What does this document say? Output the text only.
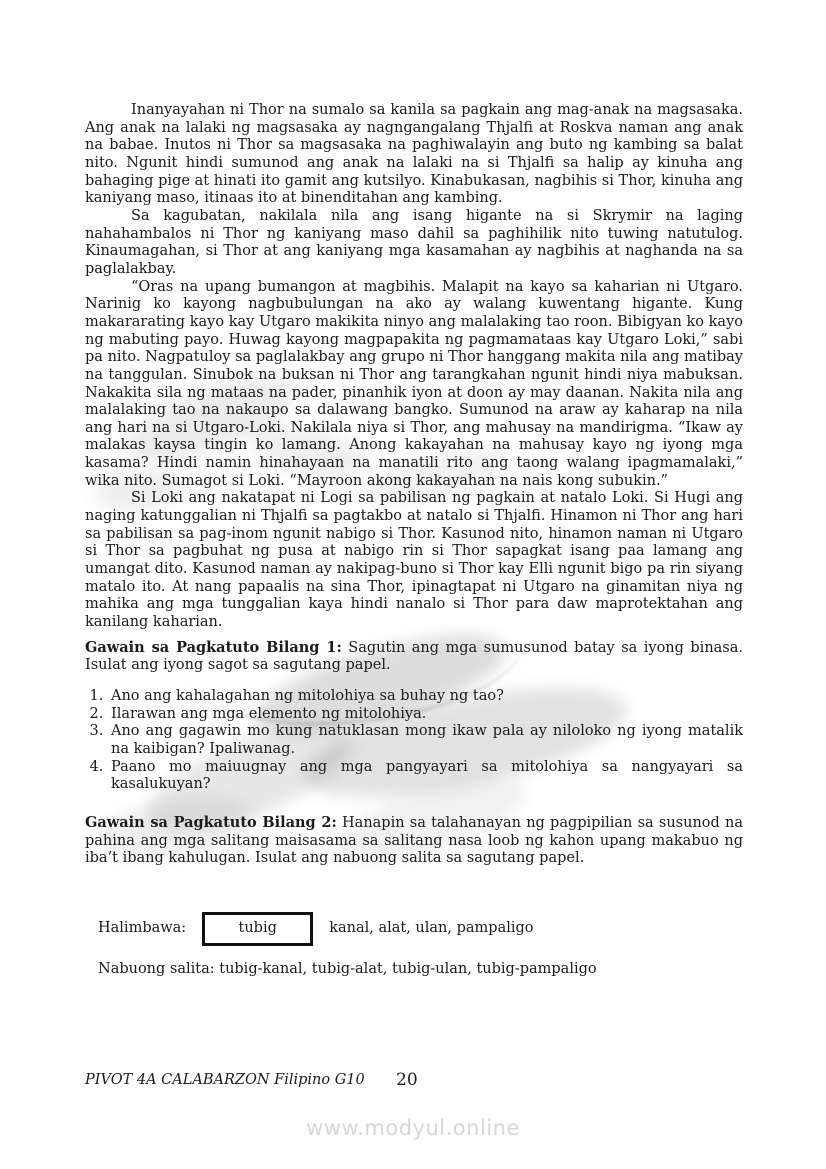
Inanyayahan ni Thor na sumalo sa kanila sa pagkain ang mag-anak na magsasaka. Ang anak na lalaki ng magsasaka ay nagngangalang Thjalfi at Roskva naman ang anak na babae. Inutos ni Thor sa magsasaka na paghiwalayin ang buto ng kambing sa balat nito. Ngunit hindi sumunod ang anak na lalaki na si Thjalfi sa halip ay kinuha ang bahaging pige at hinati ito gamit ang kutsilyo. Kinabukasan, nagbihis si Thor, kinuha ang kaniyang maso, itinaas ito at binenditahan ang kambing.

Sa kagubatan, nakilala nila ang isang higante na si Skrymir na laging nahahambalos ni Thor ng kaniyang maso dahil sa paghihilik nito tuwing natutulog. Kinaumagahan, si Thor at ang kaniyang mga kasamahan ay nagbihis at naghanda na sa paglalakbay.

“Oras na upang bumangon at magbihis. Malapit na kayo sa kaharian ni Utgaro. Narinig ko kayong nagbubulungan na ako ay walang kuwentang higante. Kung makararating kayo kay Utgaro makikita ninyo ang malalaking tao roon. Bibigyan ko kayo ng mabuting payo. Huwag kayong magpapakita ng pagmamataas kay Utgaro Loki,” sabi pa nito. Nagpatuloy sa paglalakbay ang grupo ni Thor hanggang makita nila ang matibay na tanggulan. Sinubok na buksan ni Thor ang tarangkahan ngunit hindi niya mabuksan. Nakakita sila ng mataas na pader, pinanhik iyon at doon ay may daanan. Nakita nila ang malalaking tao na nakaupo sa dalawang bangko. Sumunod na araw ay kaharap na nila ang hari na si Utgaro-Loki. Nakilala niya si Thor, ang mahusay na mandirigma. “Ikaw ay malakas kaysa tingin ko lamang. Anong kakayahan na mahusay kayo ng iyong mga kasama? Hindi namin hinahayaan na manatili rito ang taong walang ipagmamalaki,” wika nito. Sumagot si Loki. “Mayroon akong kakayahan na nais kong subukin.”

Si Loki ang nakatapat ni Logi sa pabilisan ng pagkain at natalo Loki. Si Hugi ang naging katunggalian ni Thjalfi sa pagtakbo at natalo si Thjalfi. Hinamon ni Thor ang hari sa pabilisan sa pag-inom ngunit nabigo si Thor. Kasunod nito, hinamon naman ni Utgaro si Thor sa pagbuhat ng pusa at nabigo rin si Thor sapagkat isang paa lamang ang umangat dito. Kasunod naman ay nakipag-buno si Thor kay Elli ngunit bigo pa rin siyang matalo ito. At nang papaalis na sina Thor, ipinagtapat ni Utgaro na ginamitan niya ng mahika ang mga tunggalian kaya hindi nanalo si Thor para daw maprotektahan ang kanilang kaharian.

Gawain sa Pagkatuto Bilang 1: Sagutin ang mga sumusunod batay sa iyong binasa. Isulat ang iyong sagot sa sagutang papel.

1. Ano ang kahalagahan ng mitolohiya sa buhay ng tao?
2. Ilarawan ang mga elemento ng mitolohiya.
3. Ano ang gagawin mo kung natuklasan mong ikaw pala ay niloloko ng iyong matalik na kaibigan? Ipaliwanag.
4. Paano mo maiuugnay ang mga pangyayari sa mitolohiya sa nangyayari sa kasalukuyan?

Gawain sa Pagkatuto Bilang 2: Hanapin sa talahanayan ng pagpipilian sa susunod na pahina ang mga salitang maisasama sa salitang nasa loob ng kahon upang makabuo ng iba’t ibang kahulugan. Isulat ang nabuong salita sa sagutang papel.

Halimbawa:	tubig	kanal, alat, ulan, pampaligo
Nabuong salita: tubig-kanal, tubig-alat, tubig-ulan, tubig-pampaligo
PIVOT 4A CALABARZON Filipino G10 20
www.modyul.online
